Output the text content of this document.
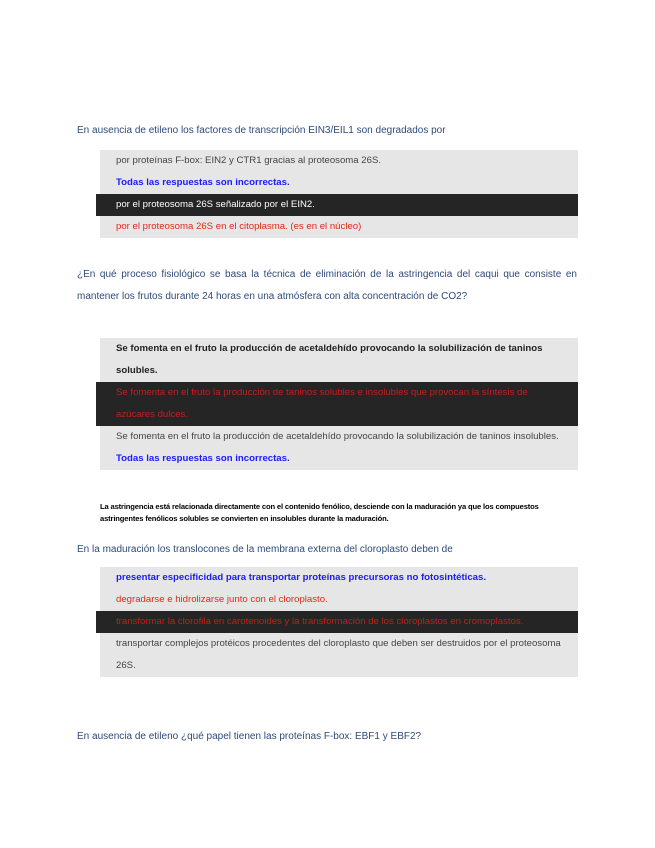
En ausencia de etileno los factores de transcripción EIN3/EIL1 son degradados por
por proteínas F-box: EIN2 y CTR1 gracias al proteosoma 26S.
Todas las respuestas son incorrectas.
por el proteosoma 26S señalizado por el EIN2.
por el proteosoma 26S en el citoplasma. (es en el núcleo)
¿En qué proceso fisiológico se basa la técnica de eliminación de la astringencia del caqui que consiste en mantener los frutos durante 24 horas en una atmósfera con alta concentración de CO2?
Se fomenta en el fruto la producción de acetaldehído provocando la solubilización de taninos solubles.
Se fomenta en el fruto la producción de taninos solubles e insolubles que provocan la síntesis de azúcares dulces.
Se fomenta en el fruto la producción de acetaldehído provocando la solubilización de taninos insolubles.
Todas las respuestas son incorrectas.
La astringencia está relacionada directamente con el contenido fenólico, desciende con la maduración ya que los compuestos astringentes fenólicos solubles se convierten en insolubles durante la maduración.
En la maduración los translocones de la membrana externa del cloroplasto deben de
presentar especificidad para transportar proteínas precursoras no fotosintéticas.
degradarse e hidrolizarse junto con el cloroplasto.
transformar la clorofila en carotenoides y la transformación de los cloroplastos en cromoplastos.
transportar complejos protéicos procedentes del cloroplasto que deben ser destruidos por el proteosoma 26S.
En ausencia de etileno ¿qué papel tienen las proteínas F-box: EBF1 y EBF2?
